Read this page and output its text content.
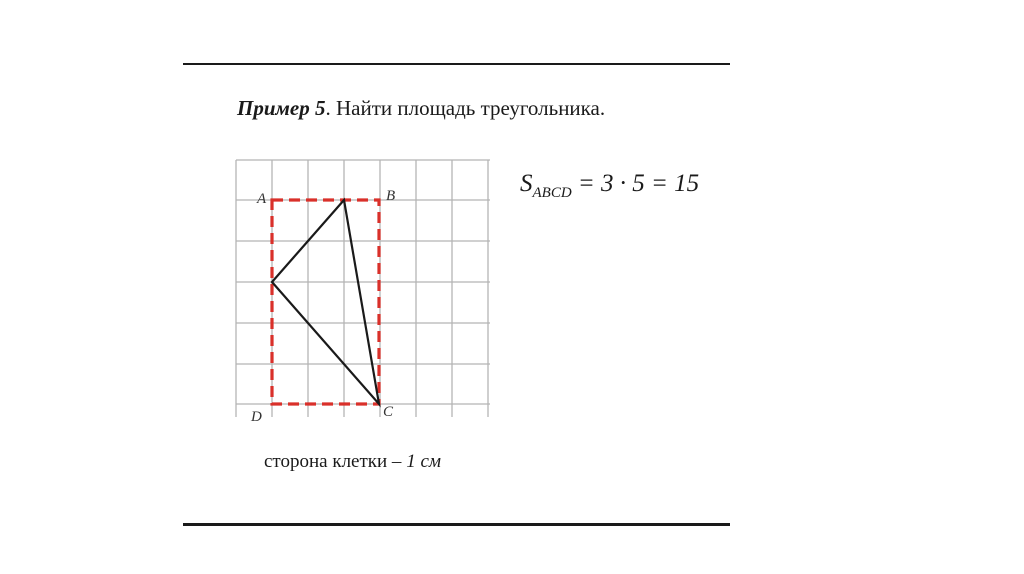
Пример 5. Найти площадь треугольника.
$S_{ABCD} = 3 \cdot 5 = 15$
A	B
C
D
сторона клетки – 1 см
